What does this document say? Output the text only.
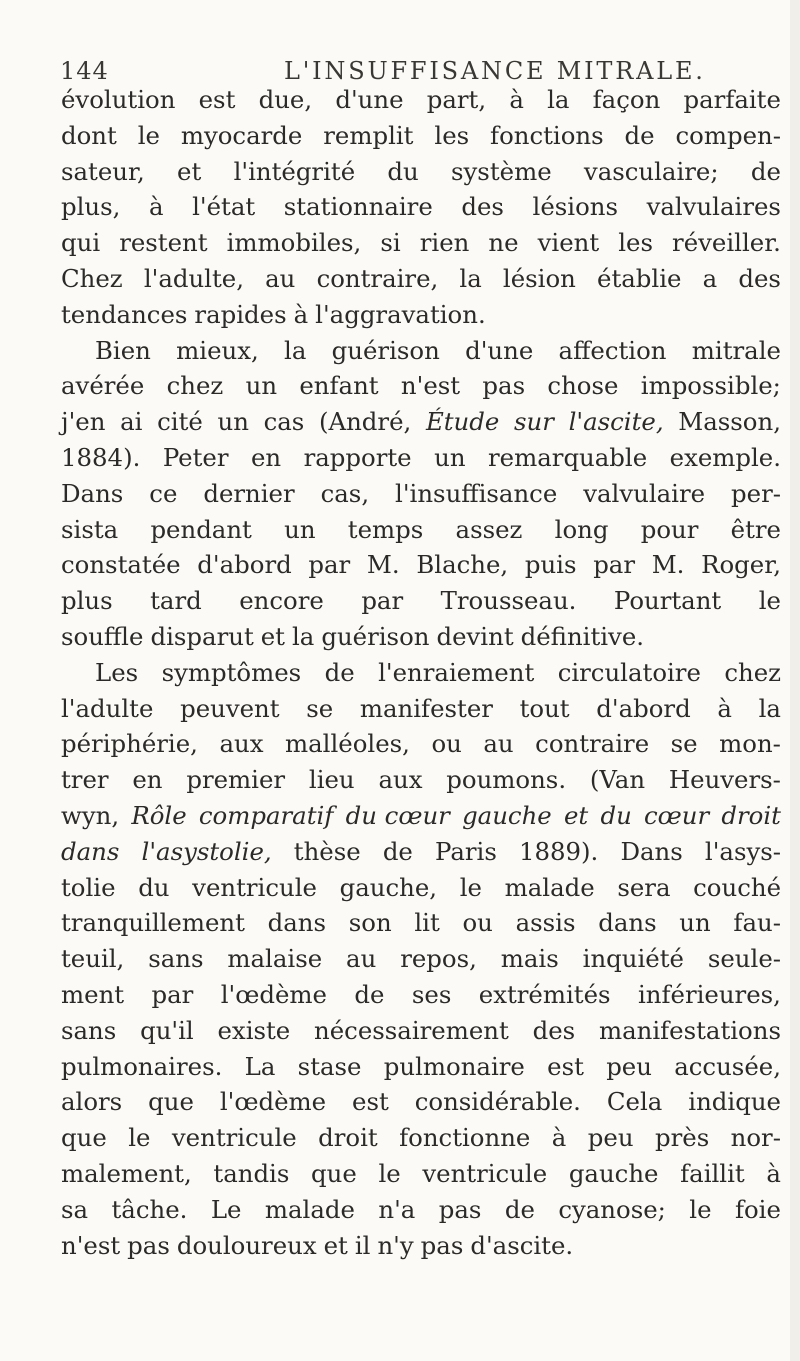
144	L'INSUFFISANCE MITRALE.
évolution est due, d'une part, à la façon parfaite
dont le myocarde remplit les fonctions de compen-
sateur, et l'intégrité du système vasculaire; de
plus, à l'état stationnaire des lésions valvulaires
qui restent immobiles, si rien ne vient les réveiller.
Chez l'adulte, au contraire, la lésion établie a des
tendances rapides à l'aggravation.
Bien mieux, la guérison d'une affection mitrale
avérée chez un enfant n'est pas chose impossible;
j'en ai cité un cas (André, Étude sur l'ascite, Masson,
1884). Peter en rapporte un remarquable exemple.
Dans ce dernier cas, l'insuffisance valvulaire per-
sista pendant un temps assez long pour être
constatée d'abord par M. Blache, puis par M. Roger,
plus tard encore par Trousseau. Pourtant le
souffle disparut et la guérison devint définitive.
Les symptômes de l'enraiement circulatoire chez
l'adulte peuvent se manifester tout d'abord à la
périphérie, aux malléoles, ou au contraire se mon-
trer en premier lieu aux poumons. (Van Heuvers-
wyn, Rôle comparatif du cœur gauche et du cœur droit
dans l'asystolie, thèse de Paris 1889). Dans l'asys-
tolie du ventricule gauche, le malade sera couché
tranquillement dans son lit ou assis dans un fau-
teuil, sans malaise au repos, mais inquiété seule-
ment par l'œdème de ses extrémités inférieures,
sans qu'il existe nécessairement des manifestations
pulmonaires. La stase pulmonaire est peu accusée,
alors que l'œdème est considérable. Cela indique
que le ventricule droit fonctionne à peu près nor-
malement, tandis que le ventricule gauche faillit à
sa tâche. Le malade n'a pas de cyanose; le foie
n'est pas douloureux et il n'y pas d'ascite.
